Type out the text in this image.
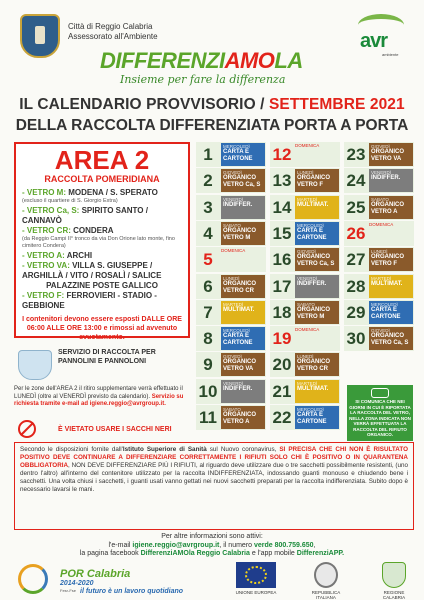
Città di Reggio Calabria
Assessorato all'Ambiente	avr
ambiente
DIFFERENZIAMOLA
Insieme per fare la differenza
IL CALENDARIO PROVVISORIO / SETTEMBRE 2021
DELLA RACCOLTA DIFFERENZIATA PORTA A PORTA
AREA 2
RACCOLTA POMERIDIANA
- VETRO M: MODENA / S. SPERATO
(escluso il quartiere di S. Giorgio Extra)
- VETRO Ca, S: SPIRITO SANTO / CANNAVÒ
- VETRO CR: CONDERA
(da Reggio Campi II° tronco da via Don Orione lato monte, fino cimitero Condera)
- VETRO A: ARCHI
- VETRO VA: VILLA S. GIUSEPPE / ARGHILLÀ / VITO / ROSALÌ / SALICE
PALAZZINE POSTE GALLICO
- VETRO F: FERROVIERI - STADIO - GEBBIONE
I contenitori devono essere esposti DALLE ORE 06:00 ALLE ORE 13:00 e rimossi ad avvenuto svuotamento.
SERVIZIO DI RACCOLTA PER PANNOLINI E PANNOLONI
Per le zone dell'AREA 2 il ritiro supplementare verrà effettuato il LUNEDÌ (oltre al VENERDÌ previsto da calendario). Servizio su richiesta tramite e-mail ad igiene.reggio@avrgroup.it.
È VIETATO USARE I SACCHI NERI
1	MERCOLEDÌ
CARTA E CARTONE
2	GIOVEDÌ
ORGANICO VETRO Ca, S
3	VENERDÌ
INDIFFER.
4	SABATO
ORGANICO VETRO M
5	DOMENICA
6	LUNEDÌ
ORGANICO VETRO CR
7	MARTEDÌ
MULTIMAT.
8	MERCOLEDÌ
CARTA E CARTONE
9	GIOVEDÌ
ORGANICO VETRO VA
10	VENERDÌ
INDIFFER.
11	SABATO
ORGANICO VETRO A
12 DOMENICA
13	LUNEDÌ
ORGANICO VETRO F
14	MARTEDÌ
MULTIMAT.
15	MERCOLEDÌ
CARTA E CARTONE
16	GIOVEDÌ
ORGANICO VETRO Ca, S
17	VENERDÌ
INDIFFER.
18	SABATO
ORGANICO VETRO M
19 DOMENICA
20	LUNEDÌ
ORGANICO VETRO CR
21	MARTEDÌ
MULTIMAT.
22	MERCOLEDÌ
CARTA E CARTONE
23	GIOVEDÌ
ORGANICO VETRO VA
24	VENERDÌ
INDIFFER.
25	SABATO
ORGANICO VETRO A
26 DOMENICA
27	LUNEDÌ
ORGANICO VETRO F
28	MARTEDÌ
MULTIMAT.
29	MERCOLEDÌ
CARTA E CARTONE
30	GIOVEDÌ
ORGANICO VETRO Ca, S
SI COMUNICA CHE NEI GIORNI IN CUI È RIPORTATA LA RACCOLTA DEL VETRO, NELLA ZONA INDICATA NON VERRÀ EFFETTUATA LA RACCOLTA DEL RIFIUTO ORGANICO.
Secondo le disposizioni fornite dall'Istituto Superiore di Sanità sul Nuovo coronavirus, SI PRECISA CHE CHI NON È RISULTATO POSITIVO DEVE CONTINUARE A DIFFERENZIARE CORRETTAMENTE I RIFIUTI SOLO CHI È POSITIVO O IN QUARANTENA OBBLIGATORIA, NON DEVE DIFFERENZIARE PIÙ I RIFIUTI, al riguardo deve utilizzare due o tre sacchetti possibilmente resistenti, (uno dentro l'altro) all'interno del contenitore utilizzato per la raccolta INDIFFERENZIATA, indossando guanti monouso e chiudendo bene i sacchetti. Una volta chiusi i sacchetti, i guanti usati vanno gettati nei nuovi sacchetti preparati per la raccolta indifferenziata. Subito dopo è necessario lavarsi le mani.
Per altre informazioni sono attivi:
l'e-mail igiene.reggio@avrgroup.it, il numero verde 800.759.650,
la pagina facebook DifferenziAMOla Reggio Calabria e l'app mobile DifferenziAPP.
POR Calabria
2014-2020
Fesr-Fse il futuro è un lavoro quotidiano	UNIONE EUROPEA	REPUBBLICA ITALIANA
REGIONE CALABRIA
